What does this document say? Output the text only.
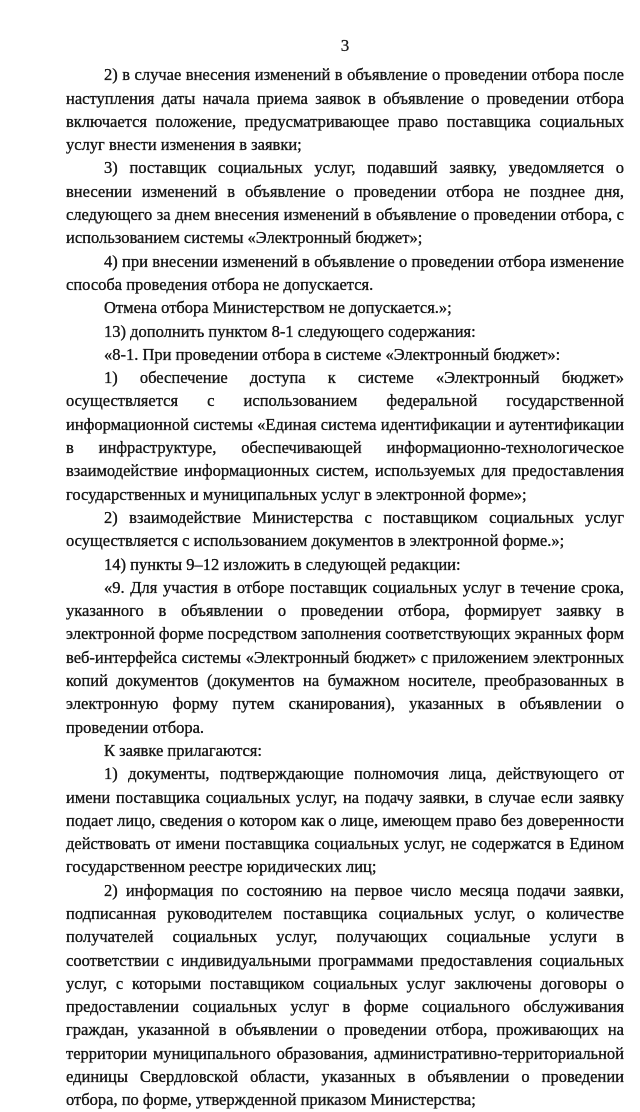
3

2) в случае внесения изменений в объявление о проведении отбора после наступления даты начала приема заявок в объявление о проведении отбора включается положение, предусматривающее право поставщика социальных услуг внести изменения в заявки;

3) поставщик социальных услуг, подавший заявку, уведомляется о внесении изменений в объявление о проведении отбора не позднее дня, следующего за днем внесения изменений в объявление о проведении отбора, с использованием системы «Электронный бюджет»;

4) при внесении изменений в объявление о проведении отбора изменение способа проведения отбора не допускается.

Отмена отбора Министерством не допускается.»;

13) дополнить пунктом 8-1 следующего содержания:

«8-1. При проведении отбора в системе «Электронный бюджет»:

1) обеспечение доступа к системе «Электронный бюджет» осуществляется с использованием федеральной государственной информационной системы «Единая система идентификации и аутентификации в инфраструктуре, обеспечивающей информационно-технологическое взаимодействие информационных систем, используемых для предоставления государственных и муниципальных услуг в электронной форме»;

2) взаимодействие Министерства с поставщиком социальных услуг осуществляется с использованием документов в электронной форме.»;

14) пункты 9–12 изложить в следующей редакции:

«9. Для участия в отборе поставщик социальных услуг в течение срока, указанного в объявлении о проведении отбора, формирует заявку в электронной форме посредством заполнения соответствующих экранных форм веб-интерфейса системы «Электронный бюджет» с приложением электронных копий документов (документов на бумажном носителе, преобразованных в электронную форму путем сканирования), указанных в объявлении о проведении отбора.

К заявке прилагаются:

1) документы, подтверждающие полномочия лица, действующего от имени поставщика социальных услуг, на подачу заявки, в случае если заявку подает лицо, сведения о котором как о лице, имеющем право без доверенности действовать от имени поставщика социальных услуг, не содержатся в Едином государственном реестре юридических лиц;

2) информация по состоянию на первое число месяца подачи заявки, подписанная руководителем поставщика социальных услуг, о количестве получателей социальных услуг, получающих социальные услуги в соответствии с индивидуальными программами предоставления социальных услуг, с которыми поставщиком социальных услуг заключены договоры о предоставлении социальных услуг в форме социального обслуживания граждан, указанной в объявлении о проведении отбора, проживающих на территории муниципального образования, административно-территориальной единицы Свердловской области, указанных в объявлении о проведении отбора, по форме, утвержденной приказом Министерства;
